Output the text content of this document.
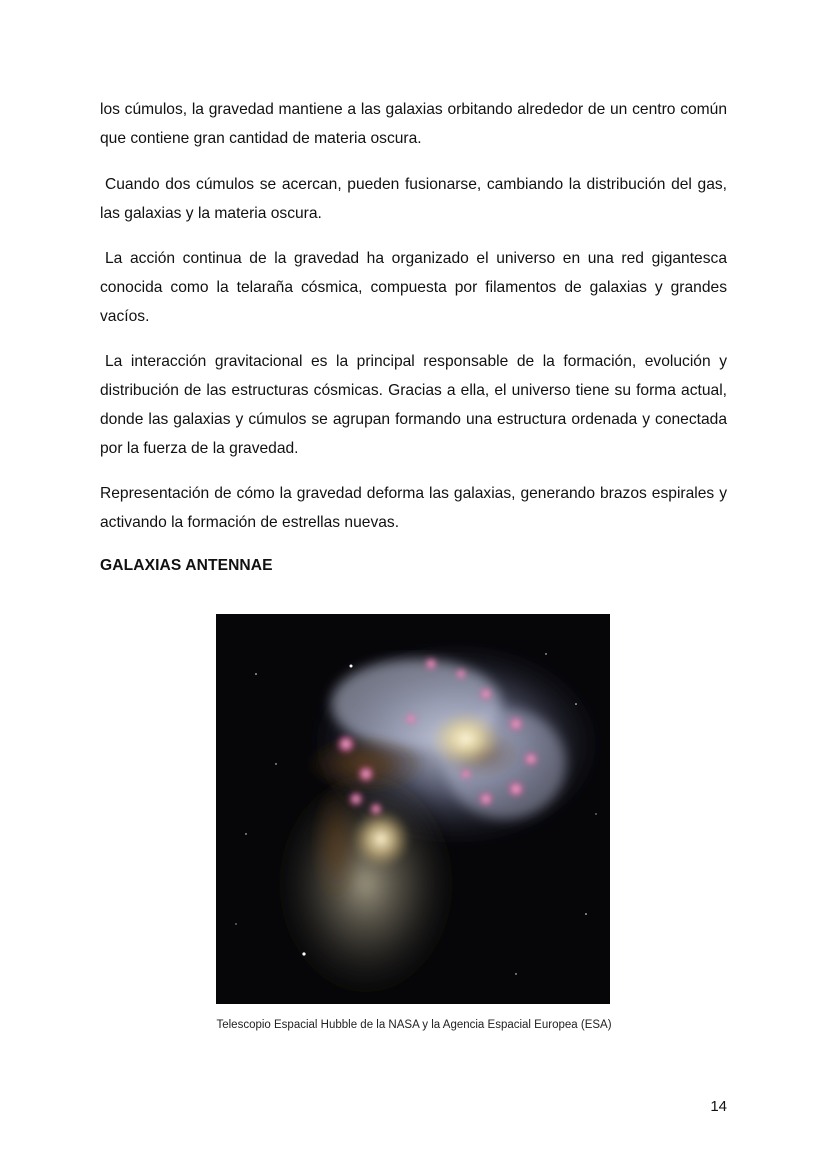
los cúmulos, la gravedad mantiene a las galaxias orbitando alrededor de un centro común que contiene gran cantidad de materia oscura.

Cuando dos cúmulos se acercan, pueden fusionarse, cambiando la distribución del gas, las galaxias y la materia oscura.

La acción continua de la gravedad ha organizado el universo en una red gigantesca conocida como la telaraña cósmica, compuesta por filamentos de galaxias y grandes vacíos.

La interacción gravitacional es la principal responsable de la formación, evolución y distribución de las estructuras cósmicas. Gracias a ella, el universo tiene su forma actual, donde las galaxias y cúmulos se agrupan formando una estructura ordenada y conectada por la fuerza de la gravedad.

Representación de cómo la gravedad deforma las galaxias, generando brazos espirales y activando la formación de estrellas nuevas.

GALAXIAS ANTENNAE
Telescopio Espacial Hubble de la NASA y la Agencia Espacial Europea (ESA)
14
